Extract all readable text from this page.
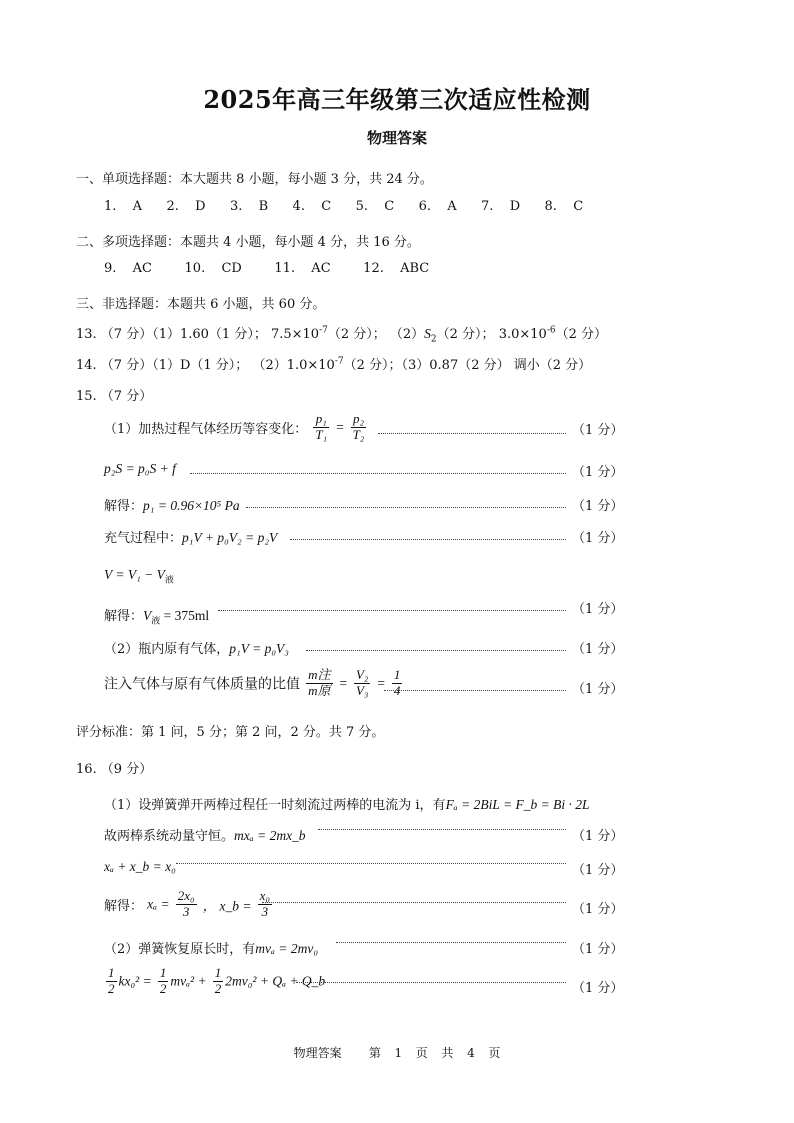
2025年高三年级第三次适应性检测
物理答案
一、单项选择题：本大题共 8 小题，每小题 3 分，共 24 分。
1.  A   2.  D   3.  B   4.  C   5.  C   6.  A   7.  D   8.  C
二、多项选择题：本题共 4 小题，每小题 4 分，共 16 分。
9.  AC    10.  CD    11.  AC    12.  ABC
三、非选择题：本题共 6 小题，共 60 分。
13. （7 分）（1）1.60（1 分）； $7.5\times 10^{-7}(2$ 分）； $(2)S_2(2$ 分）； $3.0\times 10^{-6}(2$ 分）
14. （7 分）（1）D（1 分）； $(2)1.0\times 10^{-7}(2$ 分）；（3）0.87（2 分） 调小（2 分）
15. （7 分）
（1）加热过程气体经历等容变化： $\frac{\text{p₁}}{\text{T₁}} = \frac{\text{p₂}}{\text{T₂}}$	（1 分）
p₂S = p₀S + f	（1 分）
解得：p₁ = 0.96×10⁵ Pa	（1 分）
充气过程中：p₁V + p₀V₂ = p₂V	（1 分）
$V = V_1 - V_液$
解得：$V_液 = 375ml$	（1 分）
（2）瓶内原有气体，p₁V = p₀V₃	（1 分）
注入气体与原有气体质量的比值 $\frac{\text{m注}}{\text{m原}} = \frac{\text{V₂}}{\text{V₃}} = \frac{1}{4}$	（1 分）
评分标准：第 1 问，5 分；第 2 问，2 分。共 7 分。
16. （9 分）
（1）设弹簧弹开两棒过程任一时刻流过两棒的电流为 i，有Fₐ = 2BiL = F_b = Bi · 2L
故两棒系统动量守恒。mxₐ = 2mx_b	（1 分）
xₐ + x_b = x₀	（1 分）
解得： $x_a = \frac{\text{2x₀}}{3}$ ， x_b = $\frac{\text{x₀}}{3}$	（1 分）
（2）弹簧恢复原长时，有mvₐ = 2mv₀	（1 分）
$\frac{1}{2} kx_0^2 = \frac{1}{2} mv_a^2 + \frac{1}{2} 2mv_0^2 + Q_a$ + Q_b
（1 分）
物理答案    第  1  页  共  4  页
